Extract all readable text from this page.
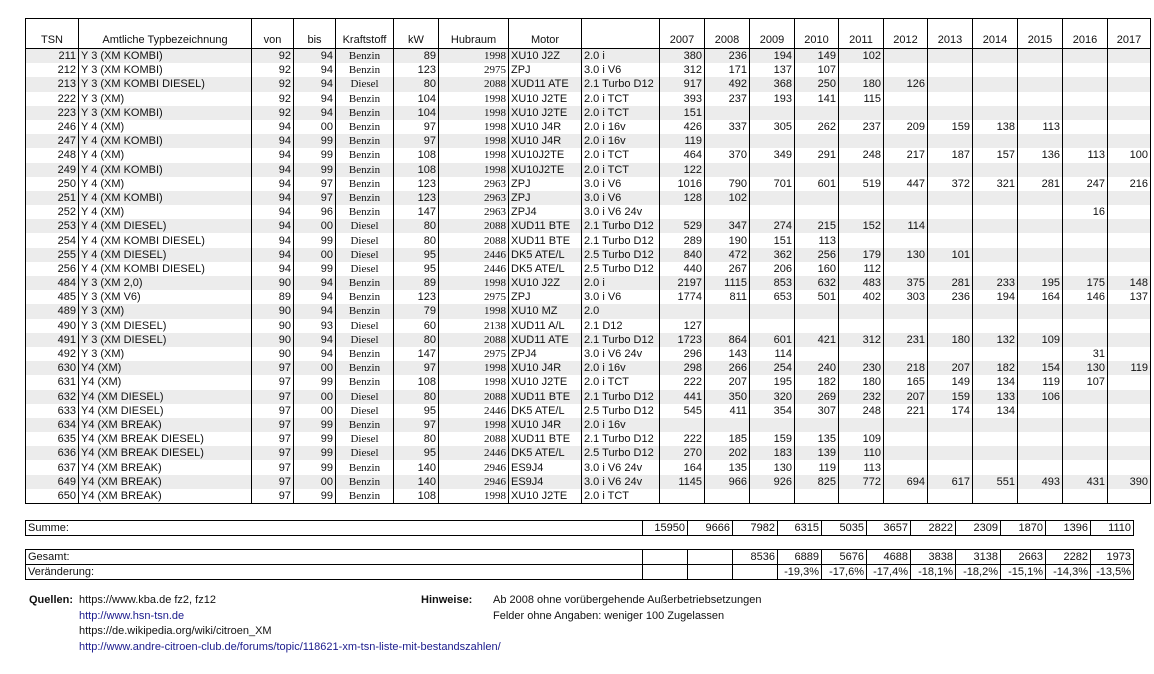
TSN	Amtliche Typbezeichnung	von	bis	Kraftstoff	kW	Hubraum	Motor		2007	2008	2009	2010	2011	2012	2013	2014	2015	2016	2017
211	Y 3 (XM KOMBI)	92	94	Benzin	89	1998	XU10 J2Z	2.0 i	380	236	194	149	102						
212	Y 3 (XM KOMBI)	92	94	Benzin	123	2975	ZPJ	3.0 i V6	312	171	137	107							
213	Y 3 (XM KOMBI DIESEL)	92	94	Diesel	80	2088	XUD11 ATE	2.1 Turbo D12	917	492	368	250	180	126					
222	Y 3 (XM)	92	94	Benzin	104	1998	XU10 J2TE	2.0 i TCT	393	237	193	141	115						
223	Y 3 (XM KOMBI)	92	94	Benzin	104	1998	XU10 J2TE	2.0 i TCT	151										
246	Y 4 (XM)	94	00	Benzin	97	1998	XU10 J4R	2.0 i 16v	426	337	305	262	237	209	159	138	113		
247	Y 4 (XM KOMBI)	94	99	Benzin	97	1998	XU10 J4R	2.0 i 16v	119										
248	Y 4 (XM)	94	99	Benzin	108	1998	XU10J2TE	2.0 i TCT	464	370	349	291	248	217	187	157	136	113	100
249	Y 4 (XM KOMBI)	94	99	Benzin	108	1998	XU10J2TE	2.0 i TCT	122										
250	Y 4 (XM)	94	97	Benzin	123	2963	ZPJ	3.0 i V6	1016	790	701	601	519	447	372	321	281	247	216
251	Y 4 (XM KOMBI)	94	97	Benzin	123	2963	ZPJ	3.0 i V6	128	102									
252	Y 4 (XM)	94	96	Benzin	147	2963	ZPJ4	3.0 i V6 24v										16	
253	Y 4 (XM DIESEL)	94	00	Diesel	80	2088	XUD11 BTE	2.1 Turbo D12	529	347	274	215	152	114					
254	Y 4 (XM KOMBI DIESEL)	94	99	Diesel	80	2088	XUD11 BTE	2.1 Turbo D12	289	190	151	113							
255	Y 4 (XM DIESEL)	94	00	Diesel	95	2446	DK5 ATE/L	2.5 Turbo D12	840	472	362	256	179	130	101				
256	Y 4 (XM KOMBI DIESEL)	94	99	Diesel	95	2446	DK5 ATE/L	2.5 Turbo D12	440	267	206	160	112						
484	Y 3 (XM 2,0)	90	94	Benzin	89	1998	XU10 J2Z	2.0 i	2197	1115	853	632	483	375	281	233	195	175	148
485	Y 3 (XM V6)	89	94	Benzin	123	2975	ZPJ	3.0 i V6	1774	811	653	501	402	303	236	194	164	146	137
489	Y 3 (XM)	90	94	Benzin	79	1998	XU10 MZ	2.0											
490	Y 3 (XM DIESEL)	90	93	Diesel	60	2138	XUD11 A/L	2.1 D12	127										
491	Y 3 (XM DIESEL)	90	94	Diesel	80	2088	XUD11 ATE	2.1 Turbo D12	1723	864	601	421	312	231	180	132	109		
492	Y 3 (XM)	90	94	Benzin	147	2975	ZPJ4	3.0 i V6 24v	296	143	114							31	
630	Y4 (XM)	97	00	Benzin	97	1998	XU10 J4R	2.0 i 16v	298	266	254	240	230	218	207	182	154	130	119
631	Y4 (XM)	97	99	Benzin	108	1998	XU10 J2TE	2.0 i TCT	222	207	195	182	180	165	149	134	119	107	
632	Y4 (XM DIESEL)	97	00	Diesel	80	2088	XUD11 BTE	2.1 Turbo D12	441	350	320	269	232	207	159	133	106		
633	Y4 (XM DIESEL)	97	00	Diesel	95	2446	DK5 ATE/L	2.5 Turbo D12	545	411	354	307	248	221	174	134			
634	Y4 (XM BREAK)	97	99	Benzin	97	1998	XU10 J4R	2.0 i 16v											
635	Y4 (XM BREAK DIESEL)	97	99	Diesel	80	2088	XUD11 BTE	2.1 Turbo D12	222	185	159	135	109						
636	Y4 (XM BREAK DIESEL)	97	99	Diesel	95	2446	DK5 ATE/L	2.5 Turbo D12	270	202	183	139	110						
637	Y4 (XM BREAK)	97	99	Benzin	140	2946	ES9J4	3.0 i V6 24v	164	135	130	119	113						
649	Y4 (XM BREAK)	97	00	Benzin	140	2946	ES9J4	3.0 i V6 24v	1145	966	926	825	772	694	617	551	493	431	390
650	Y4 (XM BREAK)	97	99	Benzin	108	1998	XU10 J2TE	2.0 i TCT											
Summe:	15950	9666	7982	6315	5035	3657	2822	2309	1870	1396	1110
Gesamt:			8536	6889	5676	4688	3838	3138	2663	2282	1973
Veränderung:				-19,3%	-17,6%	-17,4%	-18,1%	-18,2%	-15,1%	-14,3%	-13,5%
Quellen: https://www.kba.de fz2, fz12
http://www.hsn-tsn.de
https://de.wikipedia.org/wiki/citroen_XM
http://www.andre-citroen-club.de/forums/topic/118621-xm-tsn-liste-mit-bestandszahlen/
Hinweise:	Ab 2008 ohne vorübergehende Außerbetriebsetzungen
Felder ohne Angaben: weniger 100 Zugelassen
